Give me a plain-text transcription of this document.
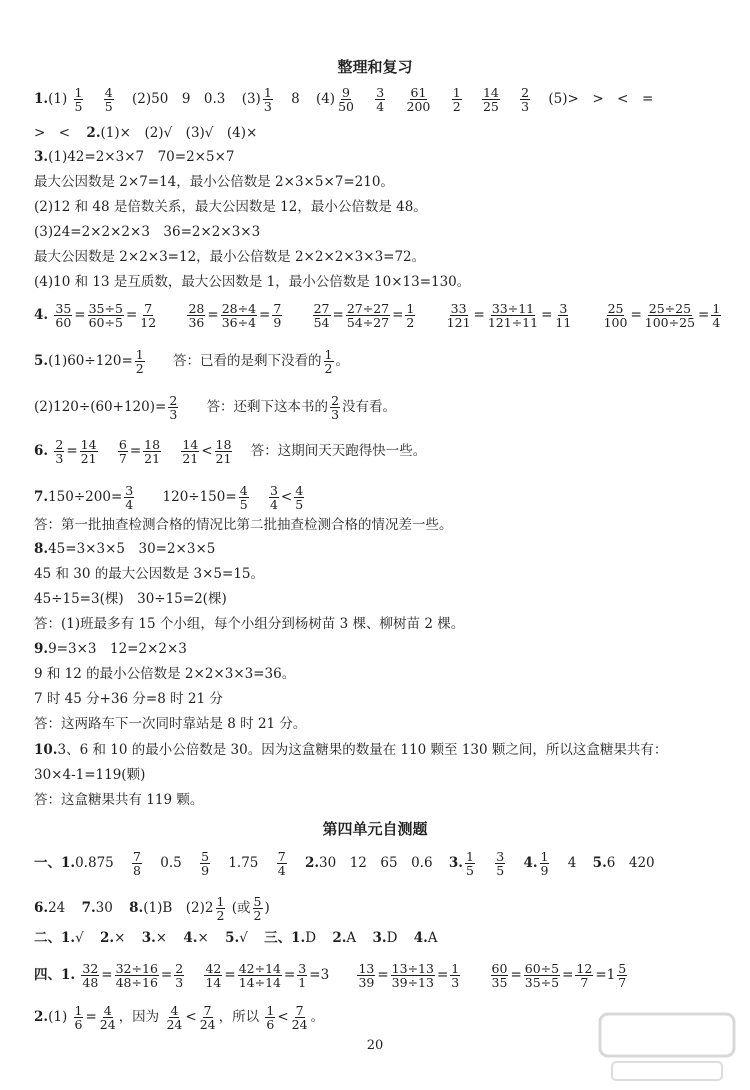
整理和复习
$1.(1) \frac{1}{5}$
$\frac{4}{5} (2)50$　9　0.3 $(3) \frac{1}{3} 8$ $(4) \frac{9}{50}$
$\frac{3}{4}$
$\frac{61}{200}$
$\frac{1}{2}$
$\frac{14}{25}$
$\frac{2}{3} (5)>$　>　<　=
>　< 2.(1)×　(2)√　(3)√　(4)×
3.(1)42=2×3×7　70=2×5×7
最大公因数是 2×7=14，最小公倍数是 2×3×5×7=210。
(2)12 和 48 是倍数关系，最大公因数是 12，最小公倍数是 48。
(3)24=2×2×2×3　36=2×2×3×3
最大公因数是 2×2×3=12，最小公倍数是 2×2×2×3×3=72。
(4)10 和 13 是互质数，最大公因数是 1，最小公倍数是 10×13=130。
4. $\frac{35}{60} = \frac{35\div 5}{60\div 5} = \frac{7}{12}$
$\frac{28}{36} = \frac{28\div 4}{36\div 4} = \frac{7}{9}$
$\frac{27}{54} = \frac{27\div 27}{54\div 27} = \frac{1}{2}$
$\frac{33}{121} = \frac{33\div 11}{121\div 11} = \frac{3}{11}$
$\frac{25}{100} = \frac{25\div 25}{100\div 25} = \frac{1}{4}$
$5.(1)60\div 120= \frac{1}{2}$ 答：已看的是剩下没看的 $\frac{1}{2}$ 。
$(2)120\div(60+120)= \frac{2}{3}$ 答：还剩下这本书的 $\frac{2}{3}$ 没有看。
6. $\frac{2}{3} = \frac{14}{21}$
$\frac{6}{7} = \frac{18}{21}$
$\frac{14}{21} < \frac{18}{21}$ 答：这期间天天跑得快一些。
$7.150\div 200= \frac{3}{4} 120\div 150= \frac{4}{5}$
$\frac{3}{4} < \frac{4}{5}$
答：第一批抽查检测合格的情况比第二批抽查检测合格的情况差一些。
8.45=3×3×5　30=2×3×5
45 和 30 的最大公因数是 3×5=15。
45÷15=3(棵)　30÷15=2(棵)
答：(1)班最多有 15 个小组，每个小组分到杨树苗 3 棵、柳树苗 2 棵。
9.9=3×3　12=2×2×3
9 和 12 的最小公倍数是 2×2×3×3=36。
7 时 45 分+36 分=8 时 21 分
答：这两路车下一次同时靠站是 8 时 21 分。
10.3、6 和 10 的最小公倍数是 30。因为这盒糖果的数量在 110 颗至 130 颗之间，所以这盒糖果共有：
30×4-1=119(颗)
答：这盒糖果共有 119 颗。
第四单元自测题
一、$1.0.875 \frac{7}{8}$ 0.5̇ $\frac{5}{9} 1.75 \frac{7}{4} 2.30$　12　65　0.6 3. $\frac{1}{5}$
$\frac{3}{5} 4$. $\frac{1}{9} 4$ 5.6　420
6.24 7.30 8.(1)B　$(2)2 \frac{1}{2}$ (或 $\frac{5}{2}$ )
二、1.√ 2.× 3.× 4.× 5.√ 三、1.D 2.A 3.D 4.A
四、1. $\frac{32}{48} = \frac{32\div 16}{48\div 16} = \frac{2}{3}$
$\frac{42}{14} = \frac{42\div 14}{14\div 14} = \frac{3}{1} =3 \frac{13}{39} = \frac{13\div 13}{39\div 13} = \frac{1}{3}$
$\frac{60}{35} = \frac{60\div 5}{35\div 5} = \frac{12}{7} =1 \frac{5}{7}$
$2.(1) \frac{1}{6} = \frac{4}{24}$ ，因为 $\frac{4}{24} < \frac{7}{24}$ ，所以 $\frac{1}{6} < \frac{7}{24}$ 。
20
